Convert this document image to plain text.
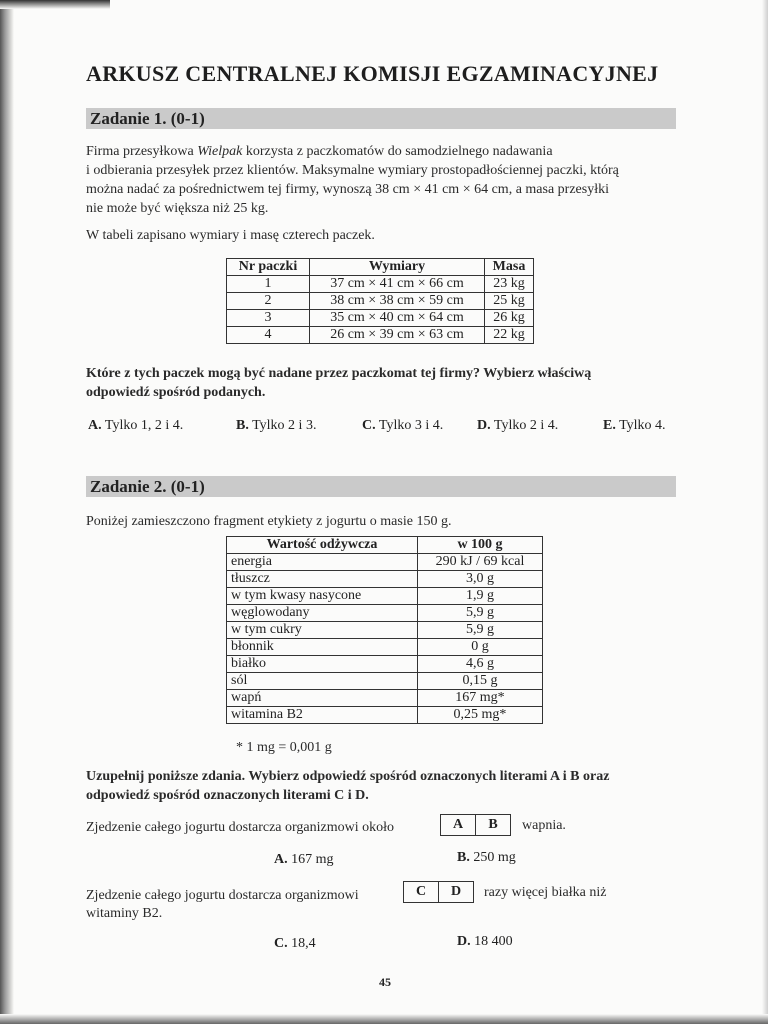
ARKUSZ CENTRALNEJ KOMISJI EGZAMINACYJNEJ
Zadanie 1. (0-1)
Firma przesyłkowa Wielpak korzysta z paczkomatów do samodzielnego nadawania
i odbierania przesyłek przez klientów. Maksymalne wymiary prostopadłościennej paczki, którą
można nadać za pośrednictwem tej firmy, wynoszą 38 cm × 41 cm × 64 cm, a masa przesyłki
nie może być większa niż 25 kg.
W tabeli zapisano wymiary i masę czterech paczek.
Nr paczki	Wymiary	Masa
1	37 cm × 41 cm × 66 cm	23 kg
2	38 cm × 38 cm × 59 cm	25 kg
3	35 cm × 40 cm × 64 cm	26 kg
4	26 cm × 39 cm × 63 cm	22 kg
Które z tych paczek mogą być nadane przez paczkomat tej firmy? Wybierz właściwą
odpowiedź spośród podanych.
A. Tylko 1, 2 i 4.	B. Tylko 2 i 3.	C. Tylko 3 i 4. D. Tylko 2 i 4.	E. Tylko 4.
Zadanie 2. (0-1)
Poniżej zamieszczono fragment etykiety z jogurtu o masie 150 g.
Wartość odżywcza	w 100 g
energia	290 kJ / 69 kcal
tłuszcz	3,0 g
w tym kwasy nasycone	1,9 g
węglowodany	5,9 g
w tym cukry	5,9 g
błonnik	0 g
białko	4,6 g
sól	0,15 g
wapń	167 mg*
witamina B2	0,25 mg*
* 1 mg = 0,001 g
Uzupełnij poniższe zdania. Wybierz odpowiedź spośród oznaczonych literami A i B oraz
odpowiedź spośród oznaczonych literami C i D.
Zjedzenie całego jogurtu dostarcza organizmowi około	A	B	wapnia.
A. 167 mg	B. 250 mg
Zjedzenie całego jogurtu dostarcza organizmowi	C	D	razy więcej białka niż
witaminy B2.
C. 18,4	D. 18 400
45
